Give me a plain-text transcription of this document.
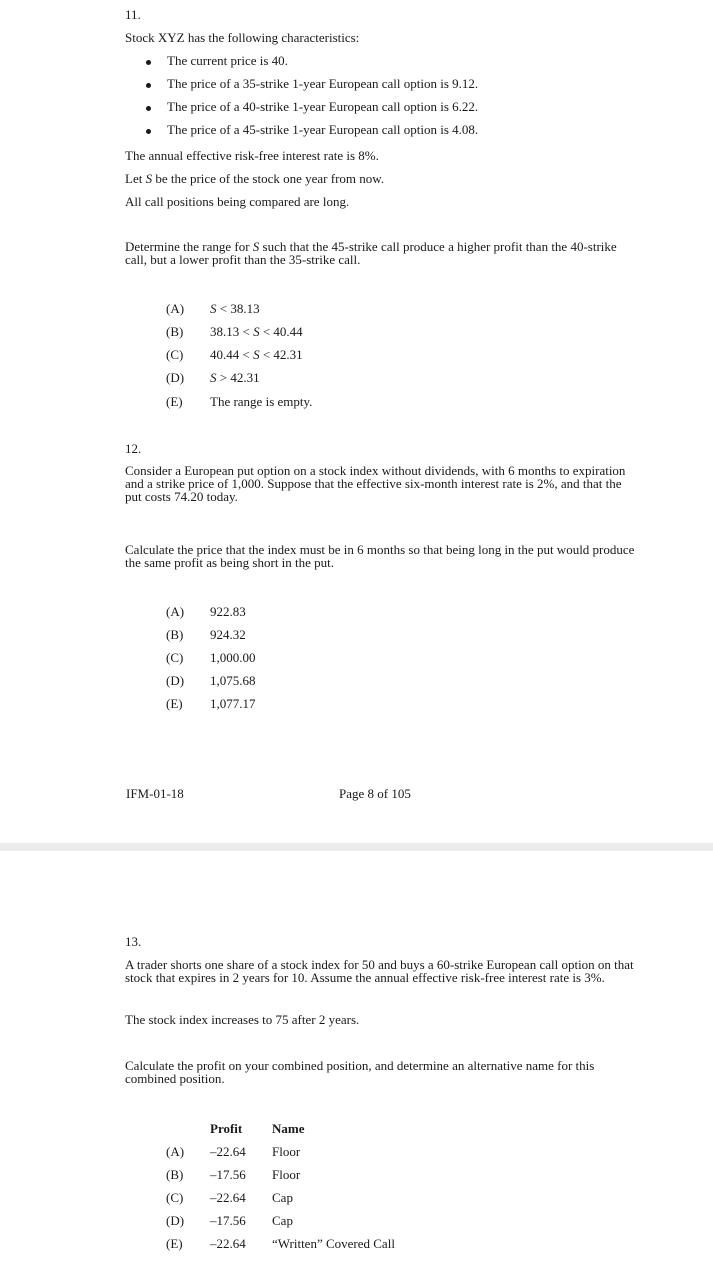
11.
Stock XYZ has the following characteristics:
The current price is 40.
The price of a 35-strike 1-year European call option is 9.12.
The price of a 40-strike 1-year European call option is 6.22.
The price of a 45-strike 1-year European call option is 4.08.
The annual effective risk-free interest rate is 8%.
Let S be the price of the stock one year from now.
All call positions being compared are long.
Determine the range for S such that the 45-strike call produce a higher profit than the 40-strike call, but a lower profit than the 35-strike call.
(A) S < 38.13
(B) 38.13 < S < 40.44
(C) 40.44 < S < 42.31
(D) S > 42.31
(E) The range is empty.
12.
Consider a European put option on a stock index without dividends, with 6 months to expiration and a strike price of 1,000. Suppose that the effective six-month interest rate is 2%, and that the put costs 74.20 today.
Calculate the price that the index must be in 6 months so that being long in the put would produce the same profit as being short in the put.
(A) 922.83
(B) 924.32
(C) 1,000.00
(D) 1,075.68
(E) 1,077.17
IFM-01-18	Page 8 of 105
13.
A trader shorts one share of a stock index for 50 and buys a 60-strike European call option on that stock that expires in 2 years for 10. Assume the annual effective risk-free interest rate is 3%.
The stock index increases to 75 after 2 years.
Calculate the profit on your combined position, and determine an alternative name for this combined position.
Profit Name
(A) –22.64 Floor
(B) –17.56 Floor
(C) –22.64 Cap
(D) –17.56 Cap
(E) –22.64 “Written” Covered Call
